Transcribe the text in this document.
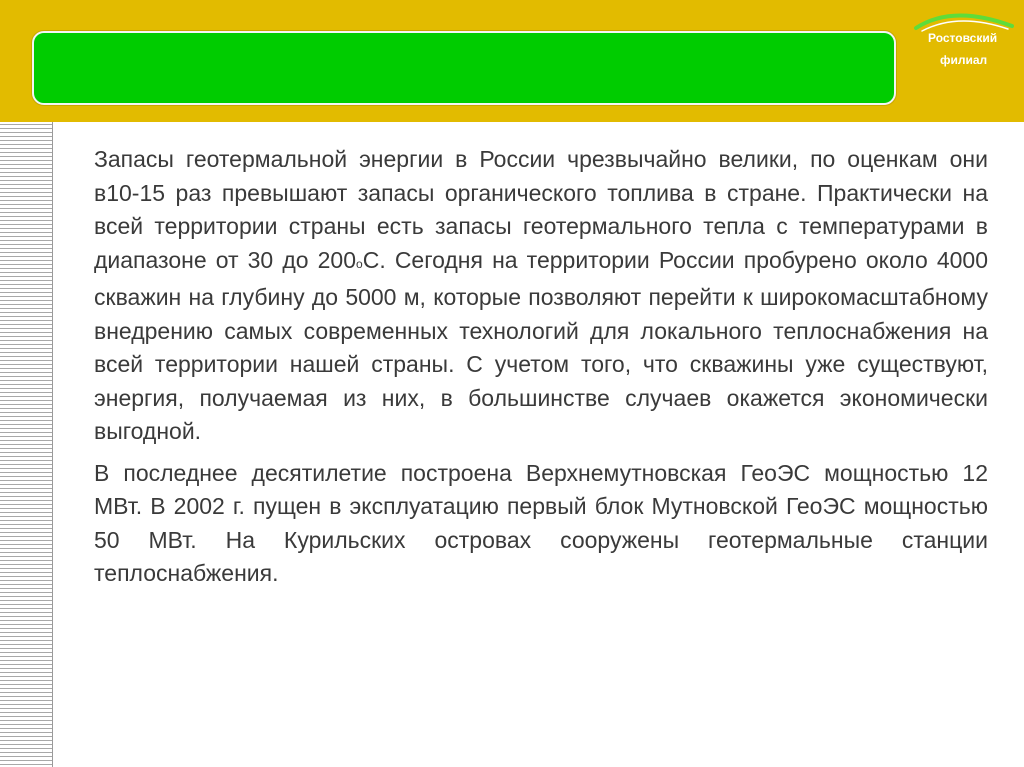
Ростовский
филиал

Запасы геотермальной энергии в России чрезвычайно велики, по оценкам они в10-15 раз превышают запасы органического топлива в стране. Практически на всей территории страны есть запасы геотермального тепла с температурами в диапазоне от 30 до 200оС. Сегодня на территории России пробурено около 4000 скважин на глубину до 5000 м, которые позволяют перейти к широкомасштабному внедрению самых современных технологий для локального теплоснабжения на всей территории нашей страны. С учетом того, что скважины уже существуют, энергия, получаемая из них, в большинстве случаев окажется экономически выгодной.

В последнее десятилетие построена Верхнемутновская ГеоЭС мощностью 12 МВт. В 2002 г. пущен в эксплуатацию первый блок Мутновской ГеоЭС мощностью 50 МВт. На Курильских островах сооружены геотермальные станции теплоснабжения.
